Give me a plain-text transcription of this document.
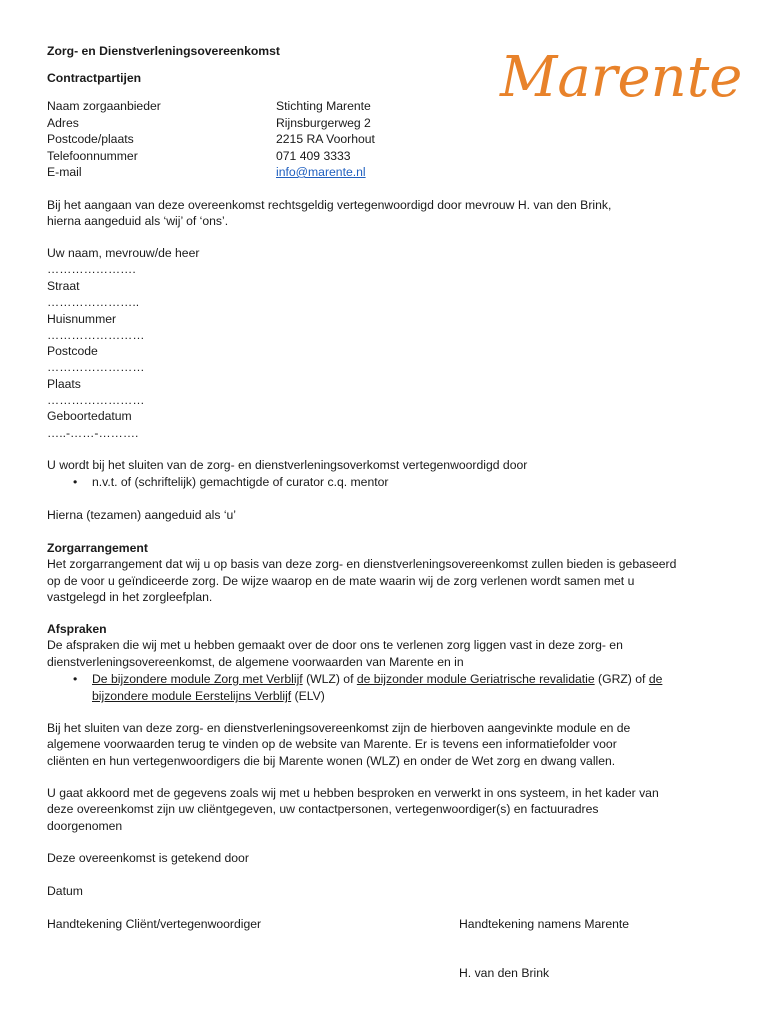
Marente
Zorg- en Dienstverleningsovereenkomst
Contractpartijen
Naam zorgaanbieder	Stichting Marente
Adres	Rijnsburgerweg 2
Postcode/plaats	2215 RA Voorhout
Telefoonnummer	071 409 3333
E-mail	info@marente.nl
Bij het aangaan van deze overeenkomst rechtsgeldig vertegenwoordigd door mevrouw H. van den Brink,
hierna aangeduid als ‘wij’ of ‘ons’.
Uw naam, mevrouw/de heer
………………….
Straat
…………………..
Huisnummer
……………………
Postcode
……………………
Plaats
……………………
Geboortedatum
…..-……-……….
U wordt bij het sluiten van de zorg- en dienstverleningsoverkomst vertegenwoordigd door
• n.v.t. of (schriftelijk) gemachtigde of curator c.q. mentor
Hierna (tezamen) aangeduid als ‘u’
Zorgarrangement
Het zorgarrangement dat wij u op basis van deze zorg- en dienstverleningsovereenkomst zullen bieden is gebaseerd
op de voor u geïndiceerde zorg. De wijze waarop en de mate waarin wij de zorg verlenen wordt samen met u
vastgelegd in het zorgleefplan.
Afspraken
De afspraken die wij met u hebben gemaakt over de door ons te verlenen zorg liggen vast in deze zorg- en
dienstverleningsovereenkomst, de algemene voorwaarden van Marente en in
• De bijzondere module Zorg met Verblijf (WLZ) of de bijzonder module Geriatrische revalidatie (GRZ) of de
bijzondere module Eerstelijns Verblijf (ELV)
Bij het sluiten van deze zorg- en dienstverleningsovereenkomst zijn de hierboven aangevinkte module en de
algemene voorwaarden terug te vinden op de website van Marente. Er is tevens een informatiefolder voor
cliënten en hun vertegenwoordigers die bij Marente wonen (WLZ) en onder de Wet zorg en dwang vallen.
U gaat akkoord met de gegevens zoals wij met u hebben besproken en verwerkt in ons systeem, in het kader van
deze overeenkomst zijn uw cliëntgegeven, uw contactpersonen, vertegenwoordiger(s) en factuuradres
doorgenomen
Deze overeenkomst is getekend door
Datum
Handtekening Cliënt/vertegenwoordiger	Handtekening namens Marente
H. van den Brink
